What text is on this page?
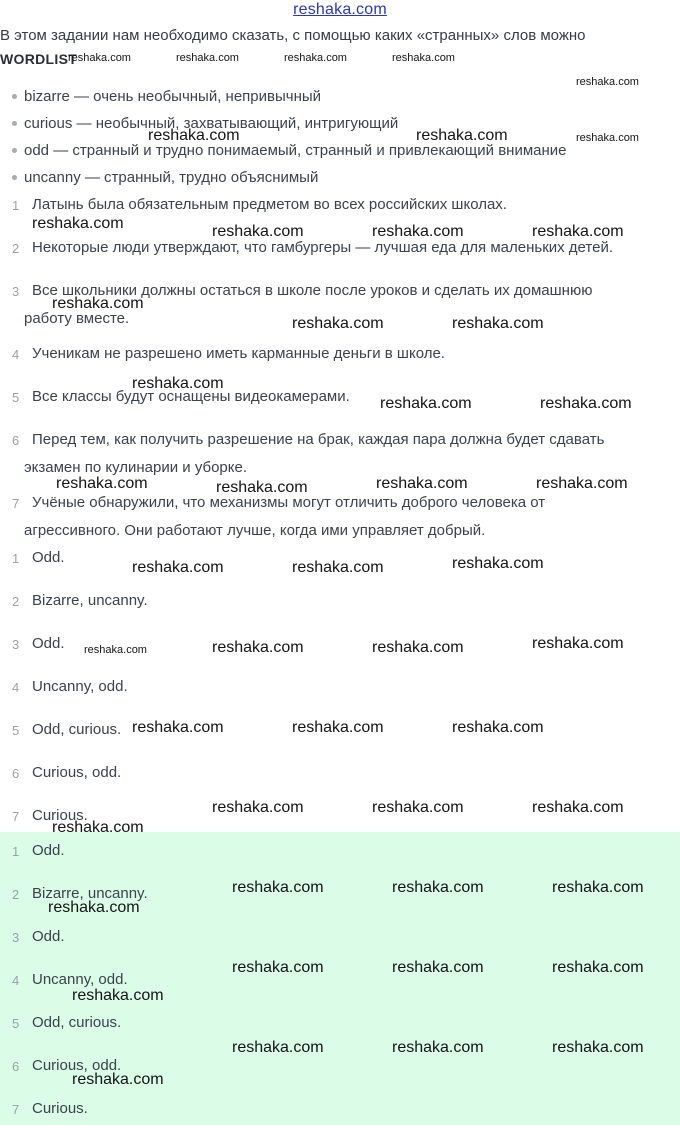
reshaka.com
В этом задании нам необходимо сказать, с помощью каких «странных» слов можно
WORDLIST
bizarre — очень необычный, непривычный
curious — необычный, захватывающий, интригующий
odd — странный и трудно понимаемый, странный и привлекающий внимание
uncanny — странный, трудно объяснимый
1 Латынь была обязательным предметом во всех российских школах.
2 Некоторые люди утверждают, что гамбургеры — лучшая еда для маленьких детей.
3 Все школьники должны остаться в школе после уроков и сделать их домашнюю
работу вместе.
4 Ученикам не разрешено иметь карманные деньги в школе.
5 Все классы будут оснащены видеокамерами.
6 Перед тем, как получить разрешение на брак, каждая пара должна будет сдавать
экзамен по кулинарии и уборке.
7 Учёные обнаружили, что механизмы могут отличить доброго человека от
агрессивного. Они работают лучше, когда ими управляет добрый.
1 Odd.
2 Bizarre, uncanny.
3 Odd.
4 Uncanny, odd.
5 Odd, curious.
6 Curious, odd.
7 Curious.
1 Odd.
2 Bizarre, uncanny.
3 Odd.
4 Uncanny, odd.
5 Odd, curious.
6 Curious, odd.
7 Curious.
reshaka.com	reshaka.com	reshaka.com	reshaka.com
reshaka.com
reshaka.com
reshaka.com
reshaka.com	reshaka.com
reshaka.com	reshaka.com	reshaka.com	reshaka.com
reshaka.com
reshaka.com	reshaka.com
reshaka.com
reshaka.com	reshaka.com
reshaka.com	reshaka.com	reshaka.com	reshaka.com
reshaka.com	reshaka.com	reshaka.com
reshaka.com	reshaka.com	reshaka.com
reshaka.com	reshaka.com	reshaka.com
reshaka.com	reshaka.com	reshaka.com
reshaka.com
reshaka.com	reshaka.com	reshaka.com
reshaka.com
reshaka.com	reshaka.com	reshaka.com
reshaka.com
reshaka.com	reshaka.com	reshaka.com
reshaka.com
